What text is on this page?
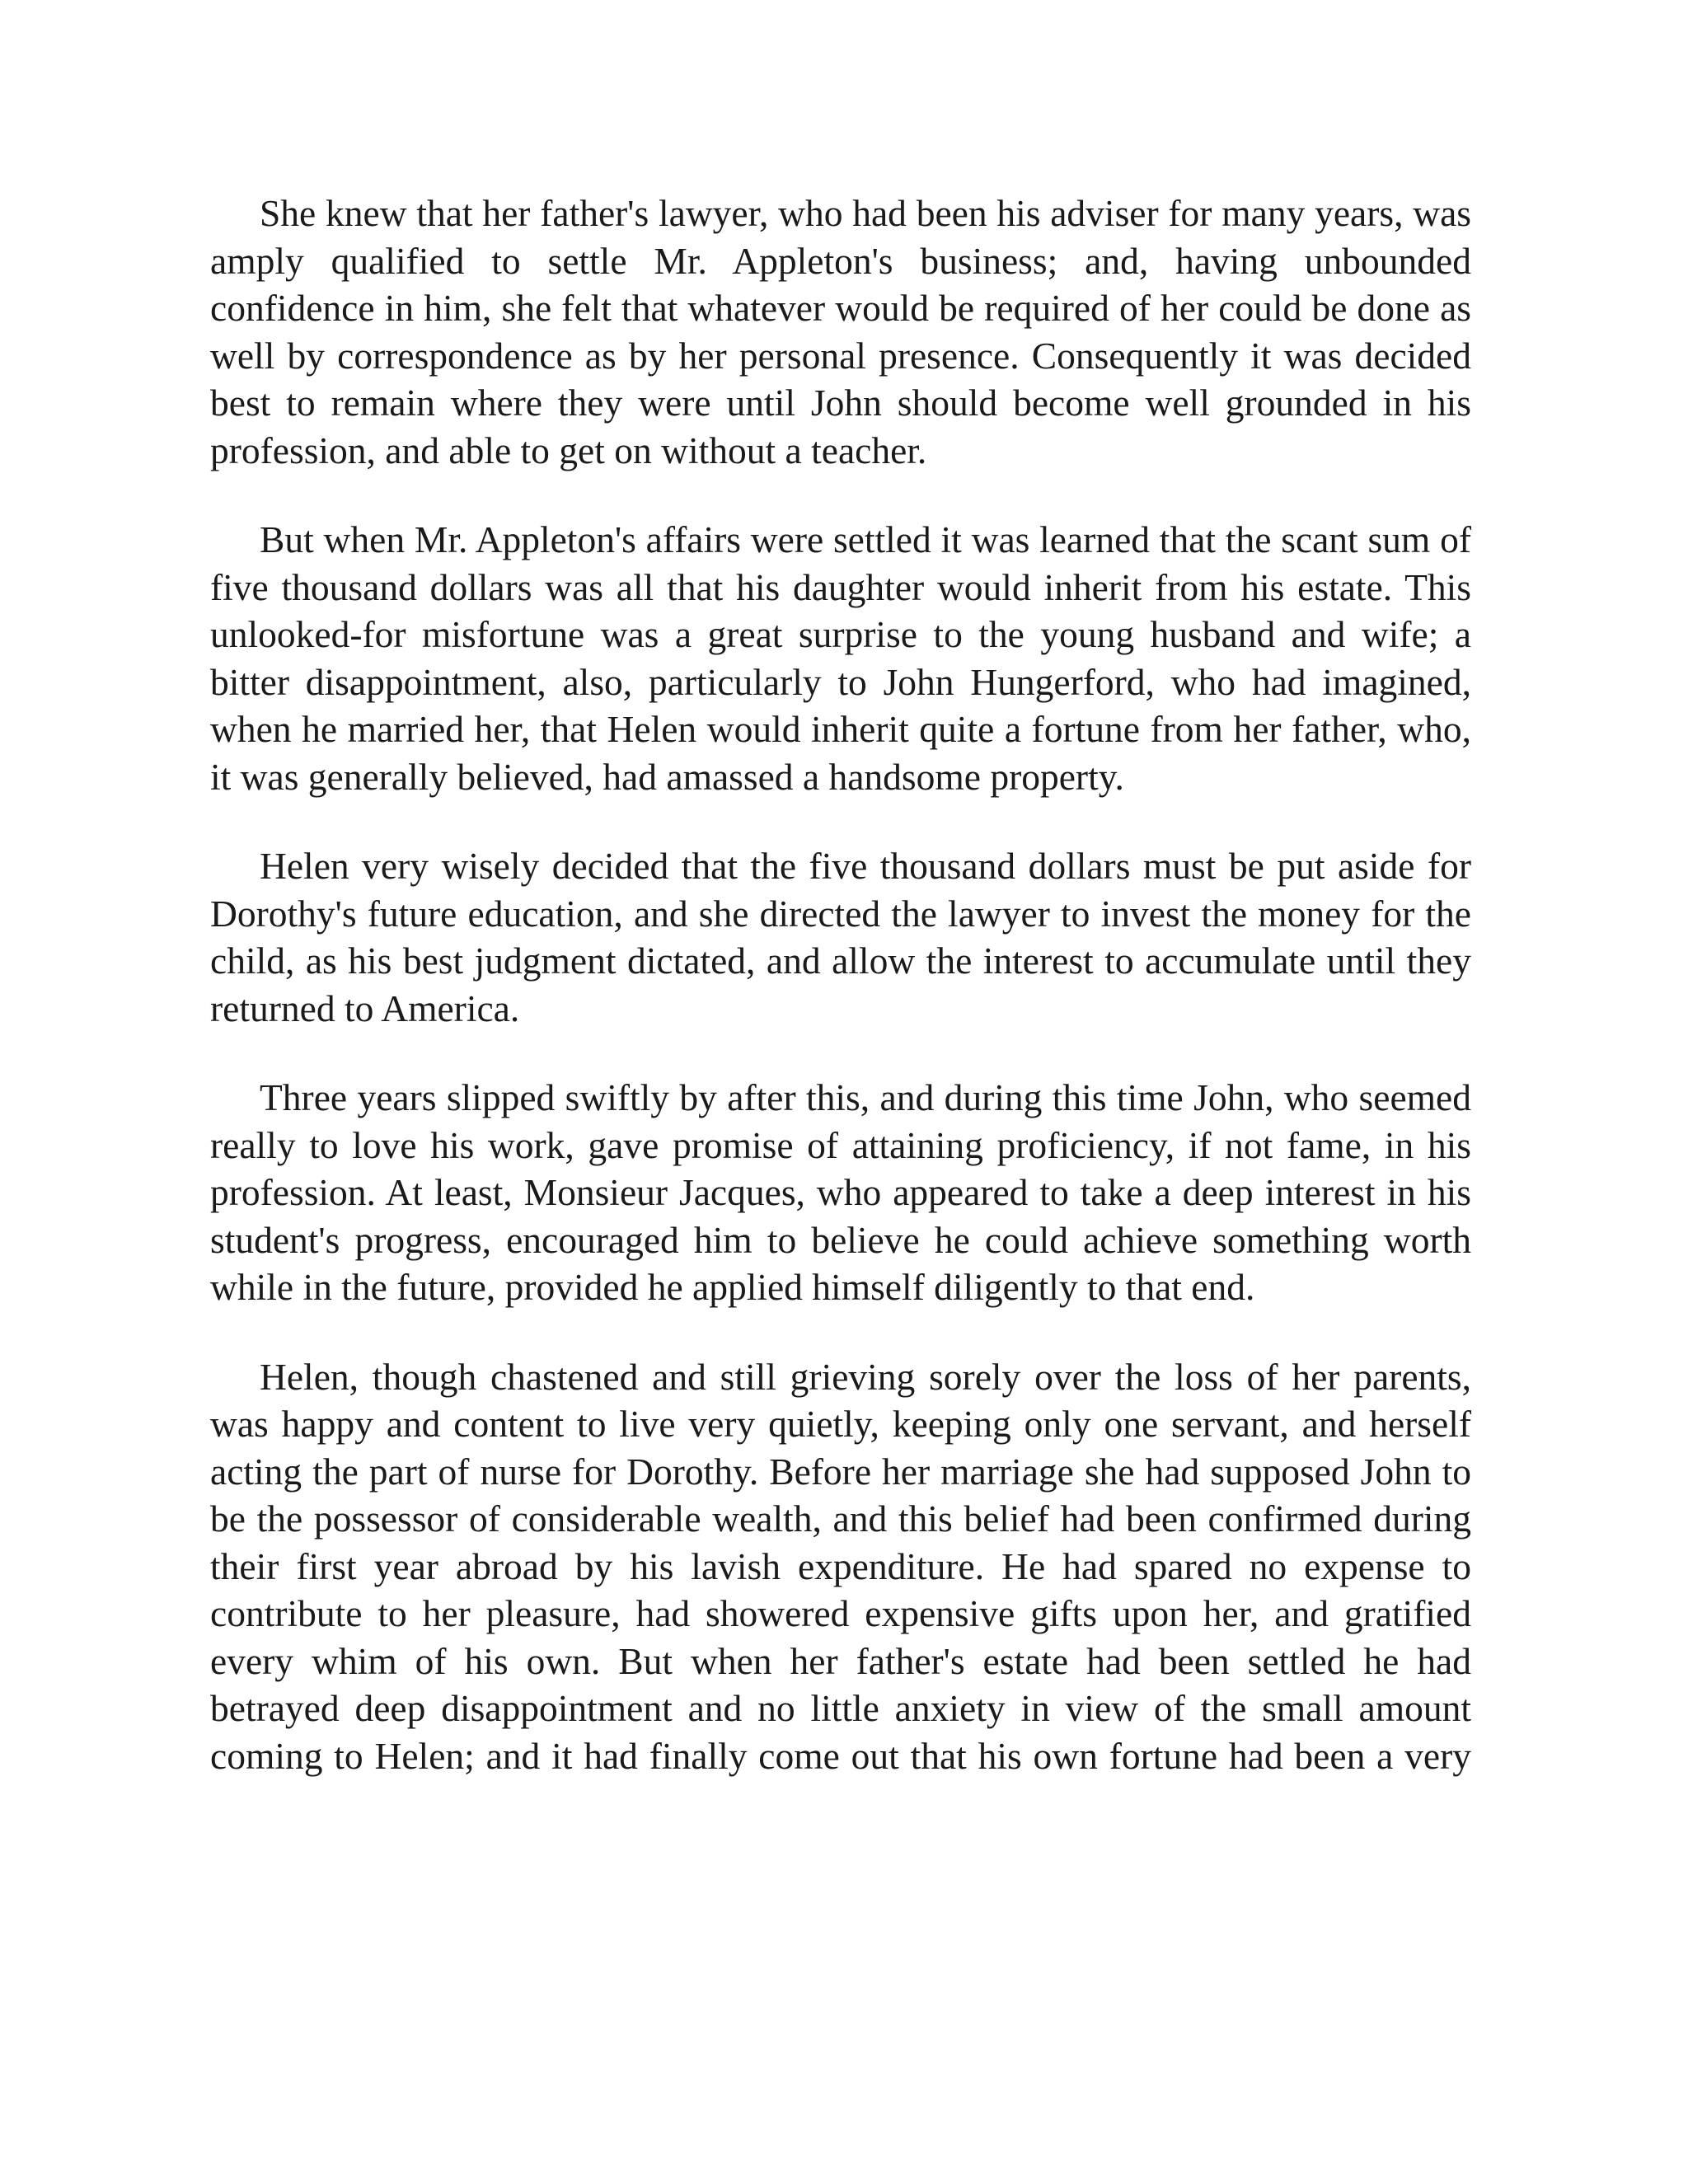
She knew that her father's lawyer, who had been his adviser for many years, was amply qualified to settle Mr. Appleton's business; and, having unbounded confidence in him, she felt that whatever would be required of her could be done as well by correspondence as by her personal presence. Consequently it was decided best to remain where they were until John should become well grounded in his profession, and able to get on without a teacher.

But when Mr. Appleton's affairs were settled it was learned that the scant sum of five thousand dollars was all that his daughter would inherit from his estate. This unlooked-for misfortune was a great surprise to the young husband and wife; a bitter disappointment, also, particularly to John Hungerford, who had imagined, when he married her, that Helen would inherit quite a fortune from her father, who, it was generally believed, had amassed a handsome property.

Helen very wisely decided that the five thousand dollars must be put aside for Dorothy's future education, and she directed the lawyer to invest the money for the child, as his best judgment dictated, and allow the interest to accumulate until they returned to America.

Three years slipped swiftly by after this, and during this time John, who seemed really to love his work, gave promise of attaining proficiency, if not fame, in his profession. At least, Monsieur Jacques, who appeared to take a deep interest in his student's progress, encouraged him to believe he could achieve something worth while in the future, provided he applied himself diligently to that end.

Helen, though chastened and still grieving sorely over the loss of her parents, was happy and content to live very quietly, keeping only one servant, and herself acting the part of nurse for Dorothy. Before her marriage she had supposed John to be the possessor of considerable wealth, and this belief had been confirmed during their first year abroad by his lavish expenditure. He had spared no expense to contribute to her pleasure, had showered expensive gifts upon her, and gratified every whim of his own. But when her father's estate had been settled he had betrayed deep disappointment and no little anxiety in view of the small amount coming to Helen; and it had finally come out that his own fortune had been a very
